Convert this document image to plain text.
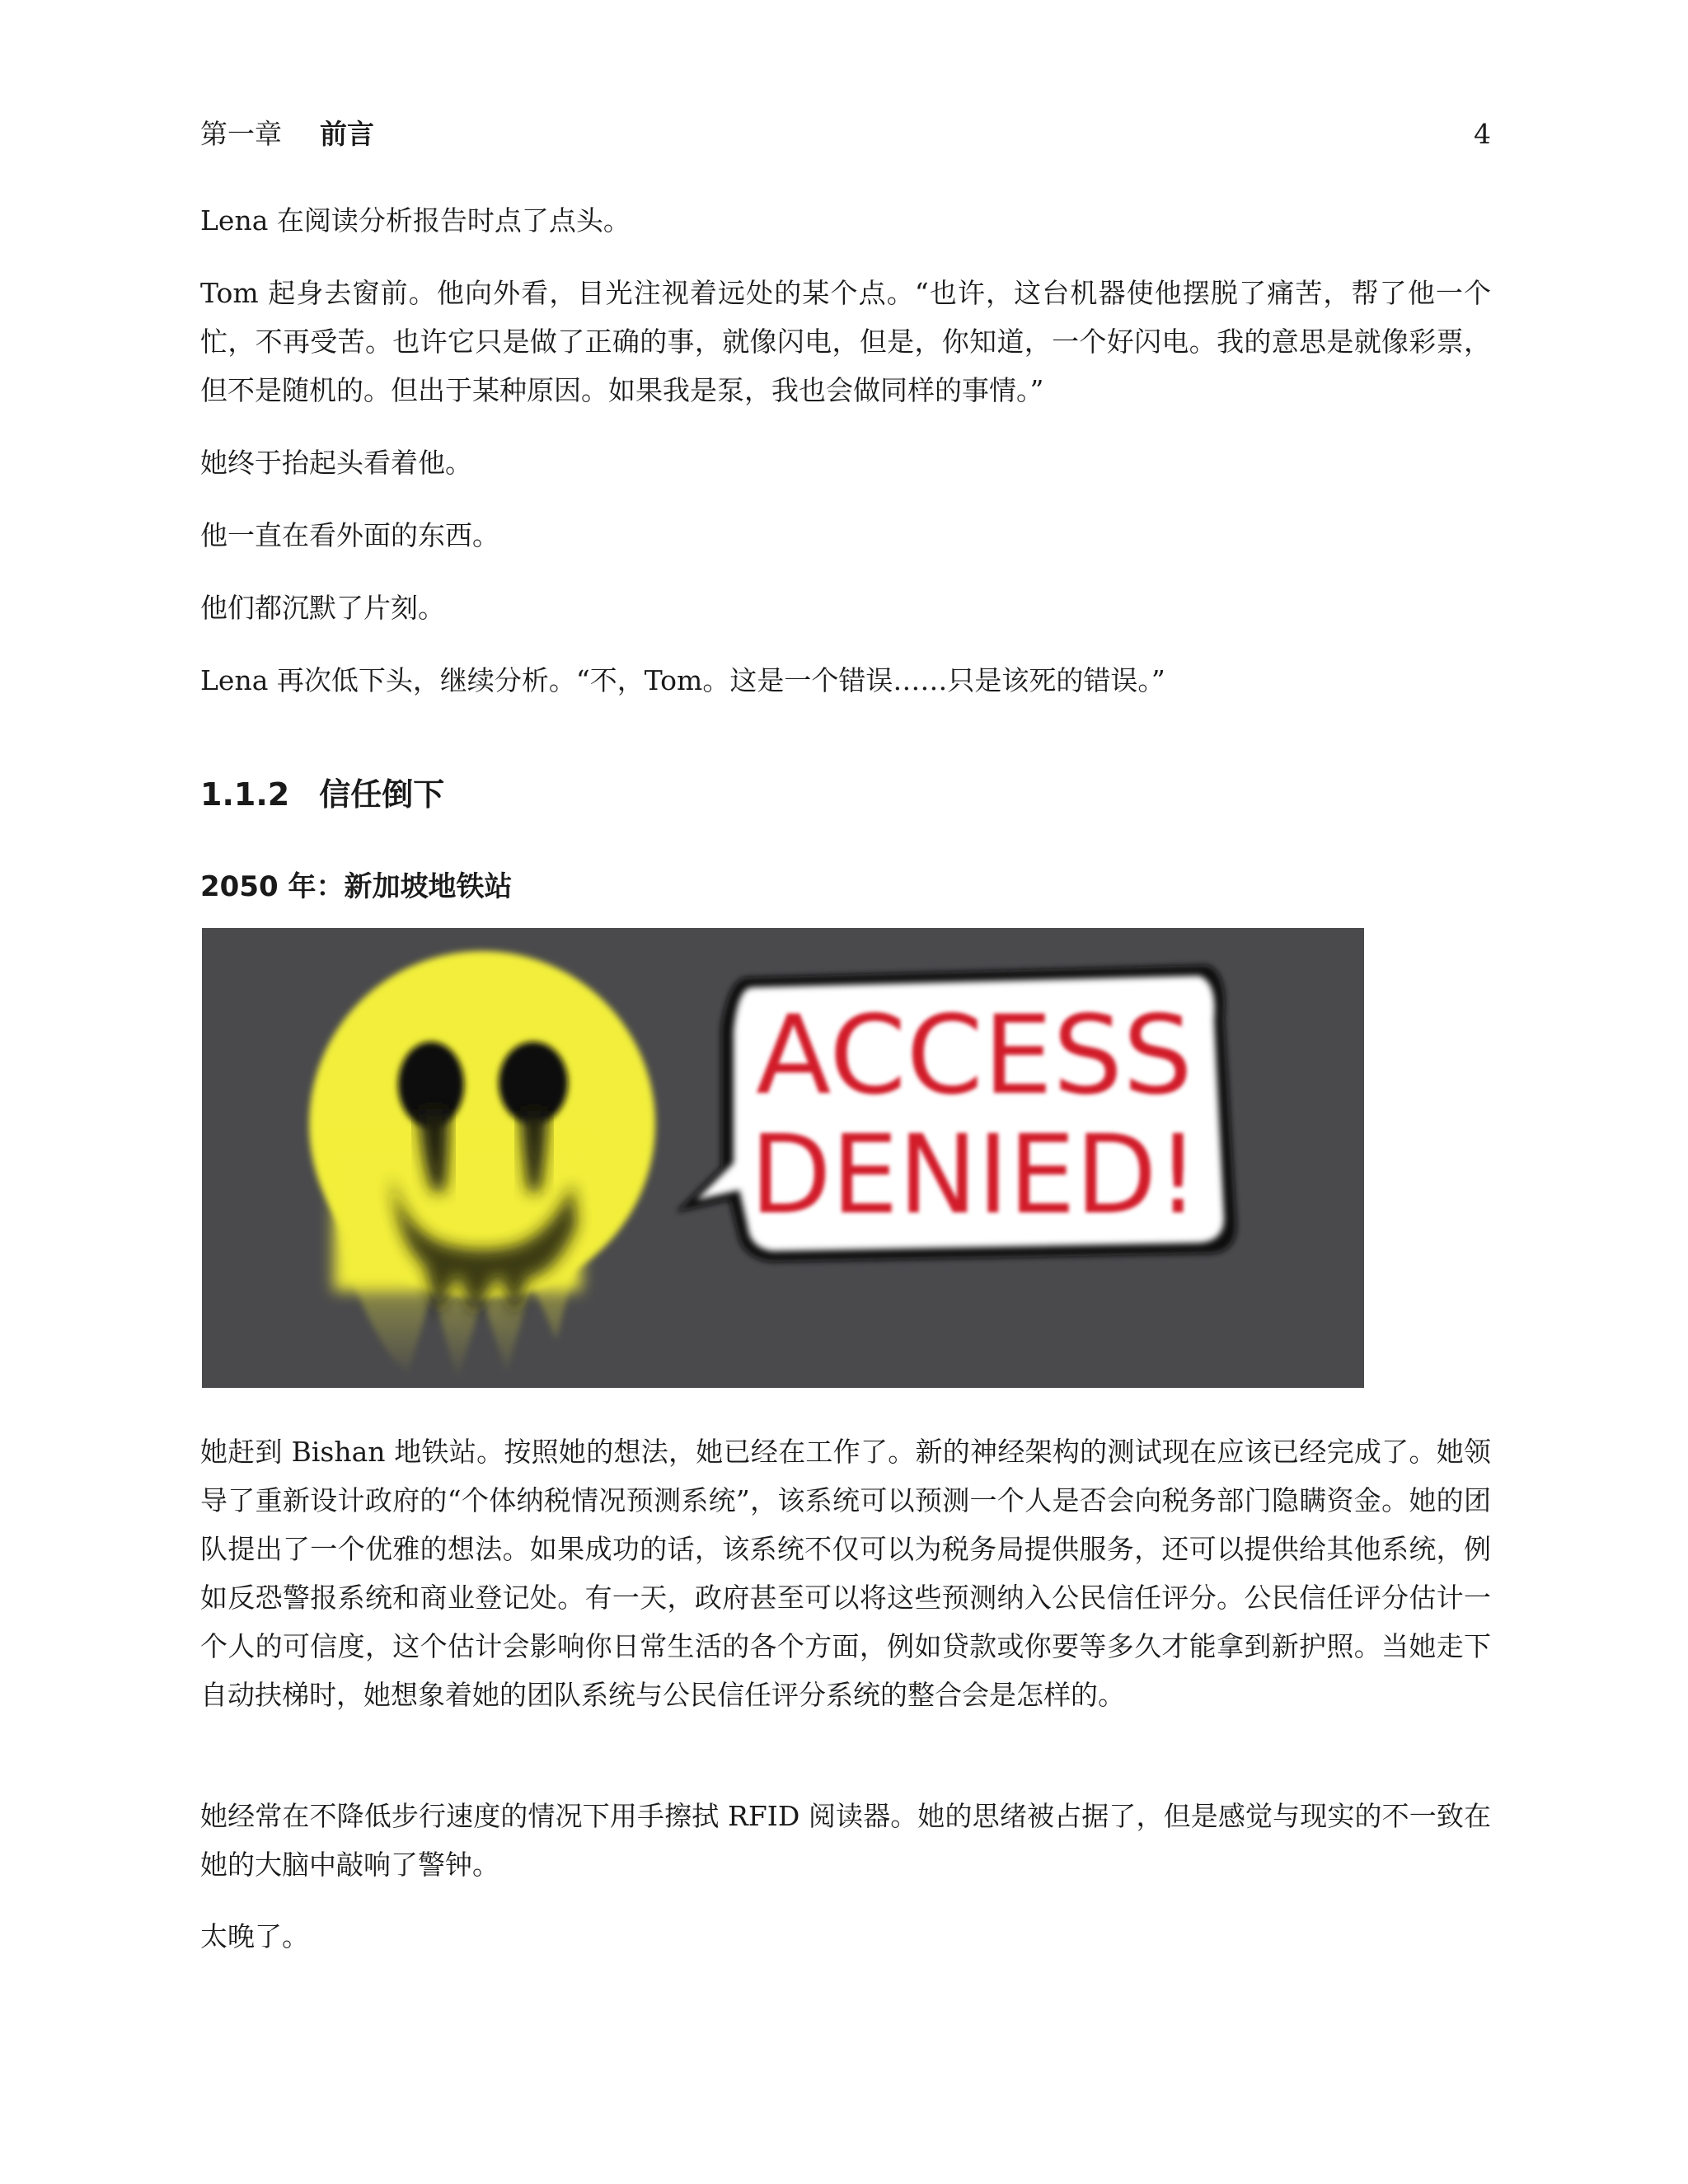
第一章 前言	4

Lena 在阅读分析报告时点了点头。

Tom 起身去窗前。他向外看，目光注视着远处的某个点。“也许，这台机器使他摆脱了痛苦，帮了他一个忙，不再受苦。也许它只是做了正确的事，就像闪电，但是，你知道，一个好闪电。我的意思是就像彩票，但不是随机的。但出于某种原因。如果我是泵，我也会做同样的事情。”

她终于抬起头看着他。

他一直在看外面的东西。

他们都沉默了片刻。

Lena 再次低下头，继续分析。“不，Tom。这是一个错误……只是该死的错误。”

1.1.2 信任倒下
2050 年：新加坡地铁站
ACCESS
DENIED!

她赶到 Bishan 地铁站。按照她的想法，她已经在工作了。新的神经架构的测试现在应该已经完成了。她领导了重新设计政府的“个体纳税情况预测系统”，该系统可以预测一个人是否会向税务部门隐瞒资金。她的团队提出了一个优雅的想法。如果成功的话，该系统不仅可以为税务局提供服务，还可以提供给其他系统，例如反恐警报系统和商业登记处。有一天，政府甚至可以将这些预测纳入公民信任评分。公民信任评分估计一个人的可信度，这个估计会影响你日常生活的各个方面，例如贷款或你要等多久才能拿到新护照。当她走下自动扶梯时，她想象着她的团队系统与公民信任评分系统的整合会是怎样的。

她经常在不降低步行速度的情况下用手擦拭 RFID 阅读器。她的思绪被占据了，但是感觉与现实的不一致在她的大脑中敲响了警钟。

太晚了。
